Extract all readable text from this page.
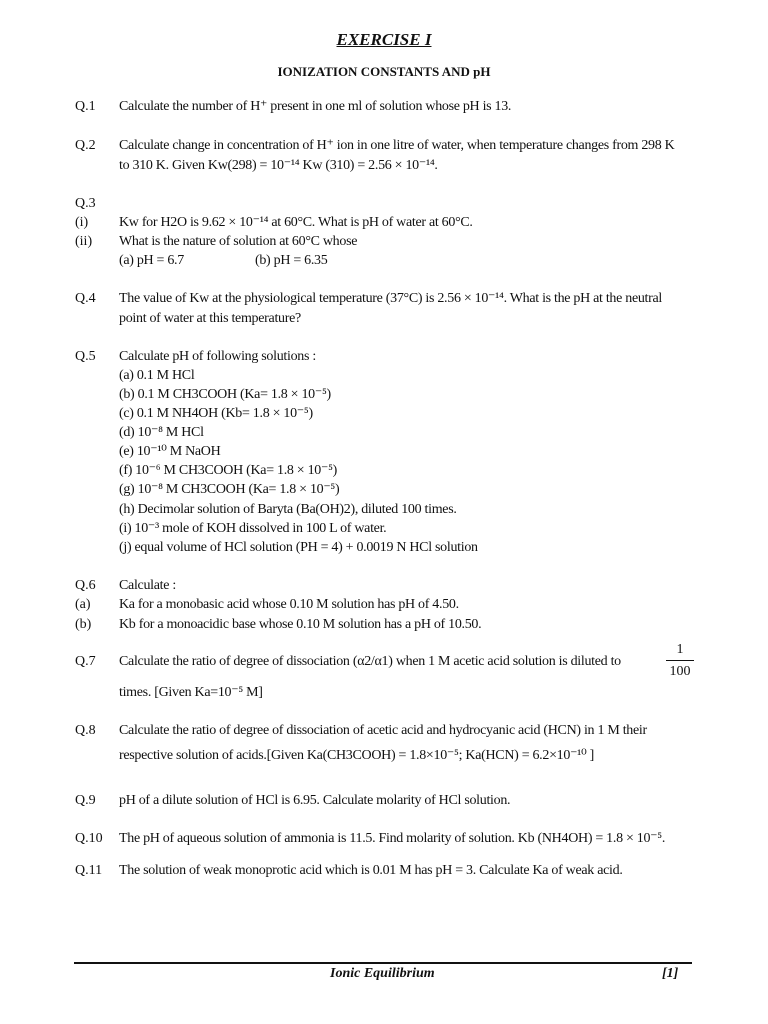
EXERCISE I
IONIZATION CONSTANTS AND pH
Q.1 Calculate the number of H⁺ present in one ml of solution whose pH is 13.
Q.2 Calculate change in concentration of H⁺ ion in one litre of water, when temperature changes from 298 K
to 310 K. Given Kw(298) = 10⁻¹⁴ Kw (310) = 2.56 × 10⁻¹⁴.
Q.3
(i) Kw for H2O is 9.62 × 10⁻¹⁴ at 60°C. What is pH of water at 60°C.
(ii) What is the nature of solution at 60°C whose
(a) pH = 6.7	(b) pH = 6.35
Q.4 The value of Kw at the physiological temperature (37°C) is 2.56 × 10⁻¹⁴. What is the pH at the neutral
point of water at this temperature?
Q.5 Calculate pH of following solutions :
(a) 0.1 M HCl
(b) 0.1 M CH3COOH (Ka= 1.8 × 10⁻⁵)
(c) 0.1 M NH4OH (Kb= 1.8 × 10⁻⁵)
(d) 10⁻⁸ M HCl
(e) 10⁻¹⁰ M NaOH
(f) 10⁻⁶ M CH3COOH (Ka= 1.8 × 10⁻⁵)
(g) 10⁻⁸ M CH3COOH (Ka= 1.8 × 10⁻⁵)
(h) Decimolar solution of Baryta (Ba(OH)2), diluted 100 times.
(i) 10⁻³ mole of KOH dissolved in 100 L of water.
(j) equal volume of HCl solution (PH = 4) + 0.0019 N HCl solution
Q.6 Calculate :
(a) Ka for a monobasic acid whose 0.10 M solution has pH of 4.50.
(b) Kb for a monoacidic base whose 0.10 M solution has a pH of 10.50.
Q.7 Calculate the ratio of degree of dissociation (α2/α1) when 1 M acetic acid solution is diluted to
1
100
times. [Given Ka=10⁻⁵ M]
Q.8 Calculate the ratio of degree of dissociation of acetic acid and hydrocyanic acid (HCN) in 1 M their
respective solution of acids.[Given Ka(CH3COOH) = 1.8×10⁻⁵; Ka(HCN) = 6.2×10⁻¹⁰ ]
Q.9 pH of a dilute solution of HCl is 6.95. Calculate molarity of HCl solution.
Q.10 The pH of aqueous solution of ammonia is 11.5. Find molarity of solution. Kb (NH4OH) = 1.8 × 10⁻⁵.
Q.11 The solution of weak monoprotic acid which is 0.01 M has pH = 3. Calculate Ka of weak acid.
Ionic Equilibrium	[1]
